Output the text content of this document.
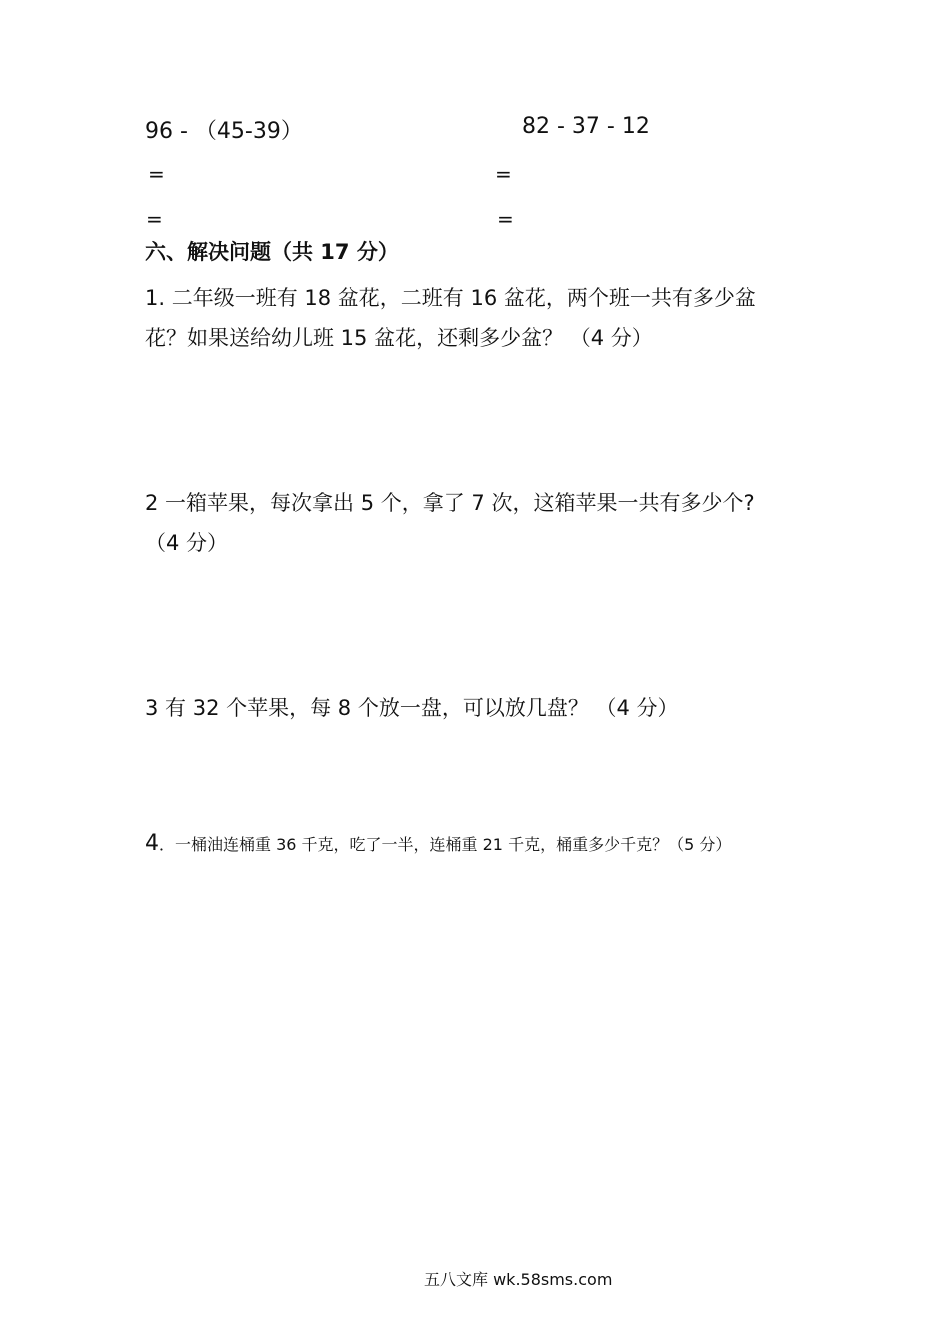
96 - （45-39）	82 - 37 - 12
=	=
=	=
六、解决问题（共 17 分）
1. 二年级一班有 18 盆花，二班有 16 盆花，两个班一共有多少盆
花？如果送给幼儿班 15 盆花，还剩多少盆？ （4 分）
2 一箱苹果，每次拿出 5 个，拿了 7 次，这箱苹果一共有多少个?
（4 分）
3 有 32 个苹果，每 8 个放一盘，可以放几盘？ （4 分）
4．一桶油连桶重 36 千克，吃了一半，连桶重 21 千克，桶重多少千克？（5 分）
五八文库 wk.58sms.com
